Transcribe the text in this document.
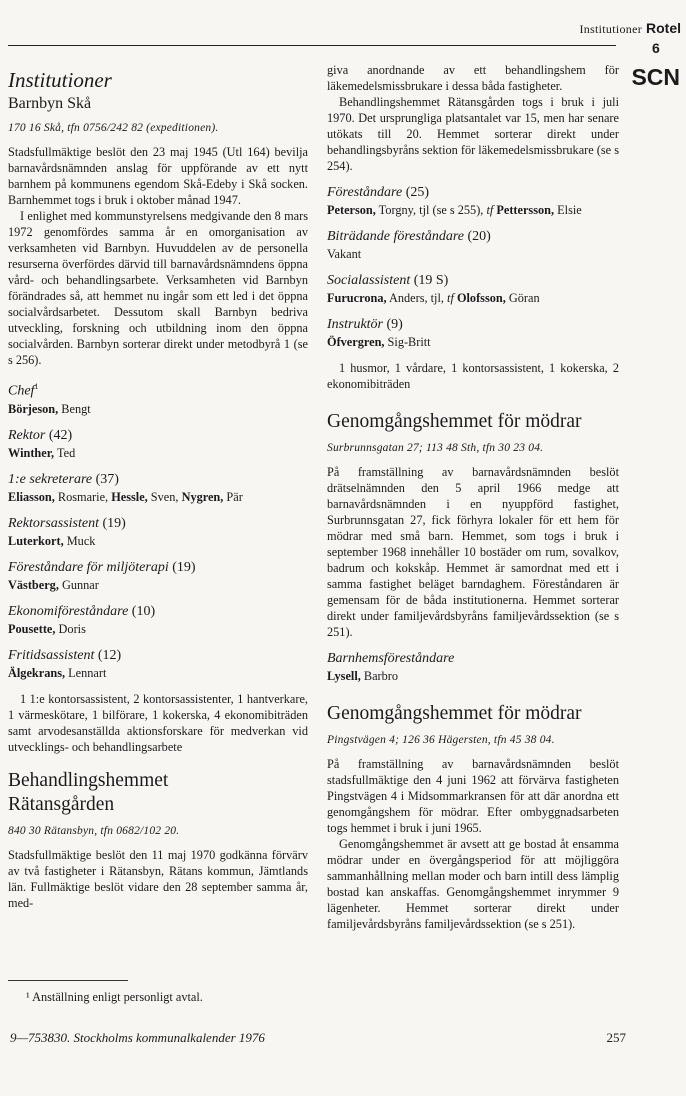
Institutioner Rotel
6
SCN
Institutioner
Barnbyn Skå
170 16 Skå, tfn 0756/242 82 (expeditionen).

Stadsfullmäktige beslöt den 23 maj 1945 (Utl 164) bevilja barnavårdsnämnden anslag för uppförande av ett nytt barnhem på kommunens egendom Skå-Edeby i Skå socken. Barnhemmet togs i bruk i oktober månad 1947.

I enlighet med kommunstyrelsens medgivande den 8 mars 1972 genomfördes samma år en omorganisation av verksamheten vid Barnbyn. Huvuddelen av de personella resurserna överfördes därvid till barnavårdsnämndens öppna vård- och behandlingsarbete. Verksamheten vid Barnbyn förändrades så, att hemmet nu ingår som ett led i det öppna socialvårdsarbetet. Dessutom skall Barnbyn bedriva utveckling, forskning och utbildning inom den öppna socialvården. Barnbyn sorterar direkt under metodbyrå 1 (se s 256).

Chef$^1$
Börjeson, Bengt
Rektor (42)
Winther, Ted
1:e sekreterare (37)
Eliasson, Rosmarie, Hessle, Sven, Nygren, Pär
Rektorsassistent (19)
Luterkort, Muck
Föreståndare för miljöterapi (19)
Västberg, Gunnar
Ekonomiföreståndare (10)
Pousette, Doris
Fritidsassistent (12)
Älgekrans, Lennart

1 1:e kontorsassistent, 2 kontorsassistenter, 1 hantverkare, 1 värmeskötare, 1 bilförare, 1 kokerska, 4 ekonomibiträden samt arvodesanställda aktionsforskare för medverkan vid utvecklings- och behandlingsarbete

Behandlingshemmet
Rätansgården
840 30 Rätansbyn, tfn 0682/102 20.

Stadsfullmäktige beslöt den 11 maj 1970 godkänna förvärv av två fastigheter i Rätansbyn, Rätans kommun, Jämtlands län. Fullmäktige beslöt vidare den 28 september samma år, med-

¹ Anställning enligt personligt avtal.

giva anordnande av ett behandlingshem för läkemedelsmissbrukare i dessa båda fastigheter.

Behandlingshemmet Rätansgården togs i bruk i juli 1970. Det ursprungliga platsantalet var 15, men har senare utökats till 20. Hemmet sorterar direkt under behandlingsbyråns sektion för läkemedelsmissbrukare (se s 254).

Föreståndare (25)
Peterson, Torgny, tjl (se s 255), tf Pettersson, Elsie
Biträdande föreståndare (20)
Vakant
Socialassistent (19 S)
Furucrona, Anders, tjl, tf Olofsson, Göran
Instruktör (9)
Öfvergren, Sig-Britt

1 husmor, 1 vårdare, 1 kontorsassistent, 1 kokerska, 2 ekonomibiträden

Genomgångshemmet för mödrar
Surbrunnsgatan 27; 113 48 Sth, tfn 30 23 04.

På framställning av barnavårdsnämnden beslöt drätselnämnden den 5 april 1966 medge att barnavårdsnämnden i en nyuppförd fastighet, Surbrunnsgatan 27, fick förhyra lokaler för ett hem för mödrar med små barn. Hemmet, som togs i bruk i september 1968 innehåller 10 bostäder om rum, sovalkov, badrum och kokskåp. Hemmet är samordnat med ett i samma fastighet beläget barndaghem. Föreståndaren är gemensam för de båda institutionerna. Hemmet sorterar direkt under familjevårdsbyråns familjevårdssektion (se s 251).

Barnhemsföreståndare
Lysell, Barbro
Genomgångshemmet för mödrar
Pingstvägen 4; 126 36 Hägersten, tfn 45 38 04.

På framställning av barnavårdsnämnden beslöt stadsfullmäktige den 4 juni 1962 att förvärva fastigheten Pingstvägen 4 i Midsommarkransen för att där anordna ett genomgångshem för mödrar. Efter ombyggnadsarbeten togs hemmet i bruk i juni 1965.

Genomgångshemmet är avsett att ge bostad åt ensamma mödrar under en övergångsperiod för att möjliggöra sammanhållning mellan moder och barn intill dess lämplig bostad kan anskaffas. Genomgångshemmet inrymmer 9 lägenheter. Hemmet sorterar direkt under familjevårdsbyråns familjevårdssektion (se s 251).

9—753830. Stockholms kommunalkalender 1976	257
